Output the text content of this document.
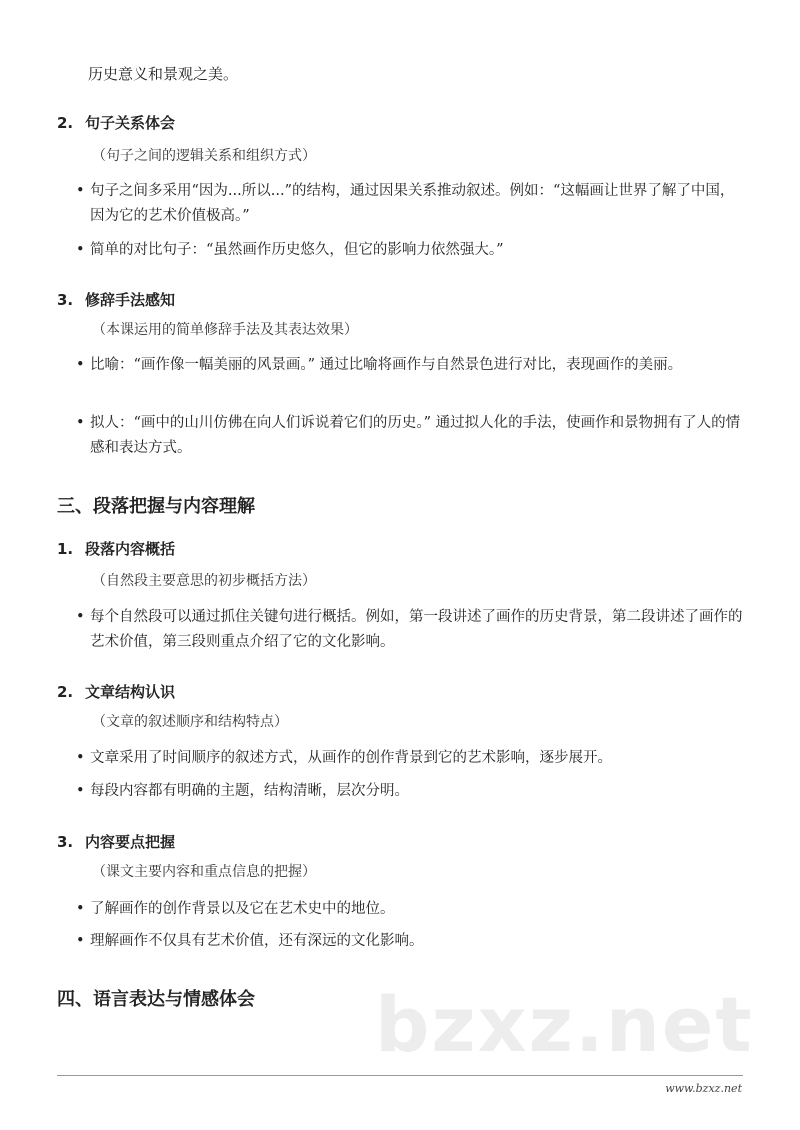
历史意义和景观之美。
2. 句子关系体会
（句子之间的逻辑关系和组织方式）
• 句子之间多采用“因为...所以...”的结构，通过因果关系推动叙述。例如：“这幅画让世界了解了中国，因为它的艺术价值极高。”
• 简单的对比句子：“虽然画作历史悠久，但它的影响力依然强大。”
3. 修辞手法感知
（本课运用的简单修辞手法及其表达效果）
• 比喻：“画作像一幅美丽的风景画。” 通过比喻将画作与自然景色进行对比，表现画作的美丽。
• 拟人：“画中的山川仿佛在向人们诉说着它们的历史。” 通过拟人化的手法，使画作和景物拥有了人的情感和表达方式。
三、段落把握与内容理解
1. 段落内容概括
（自然段主要意思的初步概括方法）
• 每个自然段可以通过抓住关键句进行概括。例如，第一段讲述了画作的历史背景，第二段讲述了画作的艺术价值，第三段则重点介绍了它的文化影响。
2. 文章结构认识
（文章的叙述顺序和结构特点）
• 文章采用了时间顺序的叙述方式，从画作的创作背景到它的艺术影响，逐步展开。
• 每段内容都有明确的主题，结构清晰，层次分明。
3. 内容要点把握
（课文主要内容和重点信息的把握）
• 了解画作的创作背景以及它在艺术史中的地位。
• 理解画作不仅具有艺术价值，还有深远的文化影响。
四、语言表达与情感体会 bzxz.net
www.bzxz.net
